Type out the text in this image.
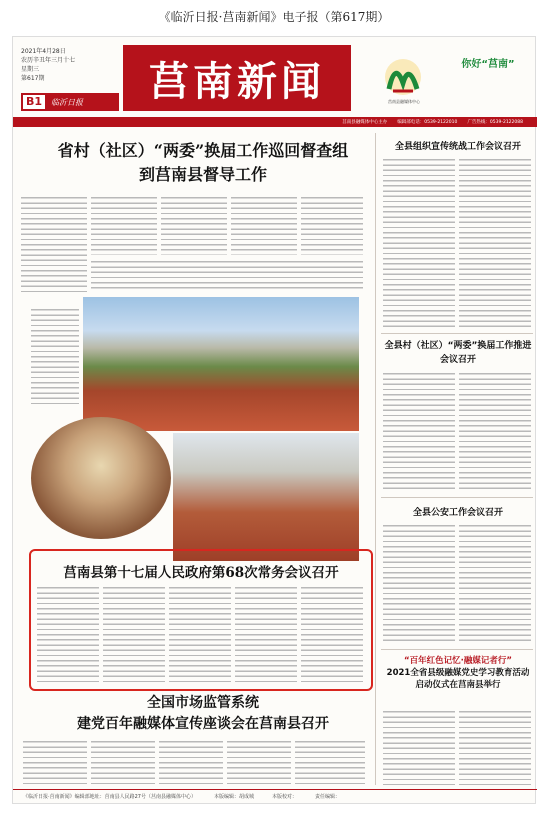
《临沂日报·莒南新闻》电子报（第617期）
2021年4月28日
农历辛丑年三月十七
星期三
第617期
B1	临沂日报	莒南新闻	莒南县融媒体中心
你好“莒南”
莒南县融媒体中心主办 编辑部电话：0539-2122010 广告热线：0539-2122088
省村（社区）“两委”换届工作巡回督查组
到莒南县督导工作
莒南县第十七届人民政府第68次常务会议召开
全国市场监管系统
建党百年融媒体宣传座谈会在莒南县召开
全县组织宣传统战工作会议召开
全县村（社区）“两委”换届工作推进会议召开
全县公安工作会议召开
“百年红色记忆·融媒记者行”
2021全省县级融媒党史学习教育活动启动仪式在莒南县举行
《临沂日报·莒南新闻》编辑部地址：莒南县人民路27号（莒南县融媒体中心）	本版编辑：胡成城	本版校对：	责任编辑：
